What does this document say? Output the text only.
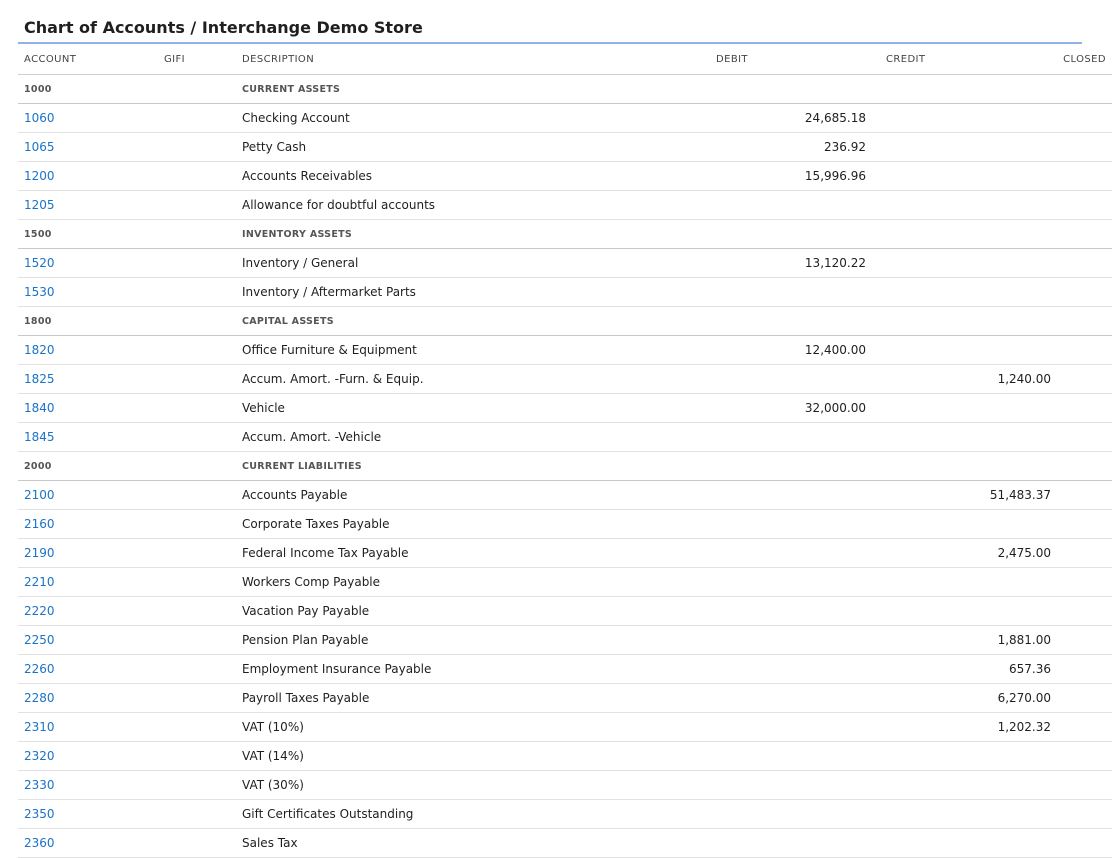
Chart of Accounts / Interchange Demo Store
ACCOUNT	GIFI	DESCRIPTION	DEBIT	CREDIT	CLOSED
1000		CURRENT ASSETS			
1060		Checking Account	24,685.18		
1065		Petty Cash	236.92		
1200		Accounts Receivables	15,996.96		
1205		Allowance for doubtful accounts			
1500		INVENTORY ASSETS			
1520		Inventory / General	13,120.22		
1530		Inventory / Aftermarket Parts			
1800		CAPITAL ASSETS			
1820		Office Furniture & Equipment	12,400.00		
1825		Accum. Amort. -Furn. & Equip.		1,240.00	
1840		Vehicle	32,000.00		
1845		Accum. Amort. -Vehicle			
2000		CURRENT LIABILITIES			
2100		Accounts Payable		51,483.37	
2160		Corporate Taxes Payable			
2190		Federal Income Tax Payable		2,475.00	
2210		Workers Comp Payable			
2220		Vacation Pay Payable			
2250		Pension Plan Payable		1,881.00	
2260		Employment Insurance Payable		657.36	
2280		Payroll Taxes Payable		6,270.00	
2310		VAT (10%)		1,202.32	
2320		VAT (14%)			
2330		VAT (30%)			
2350		Gift Certificates Outstanding			
2360		Sales Tax			
